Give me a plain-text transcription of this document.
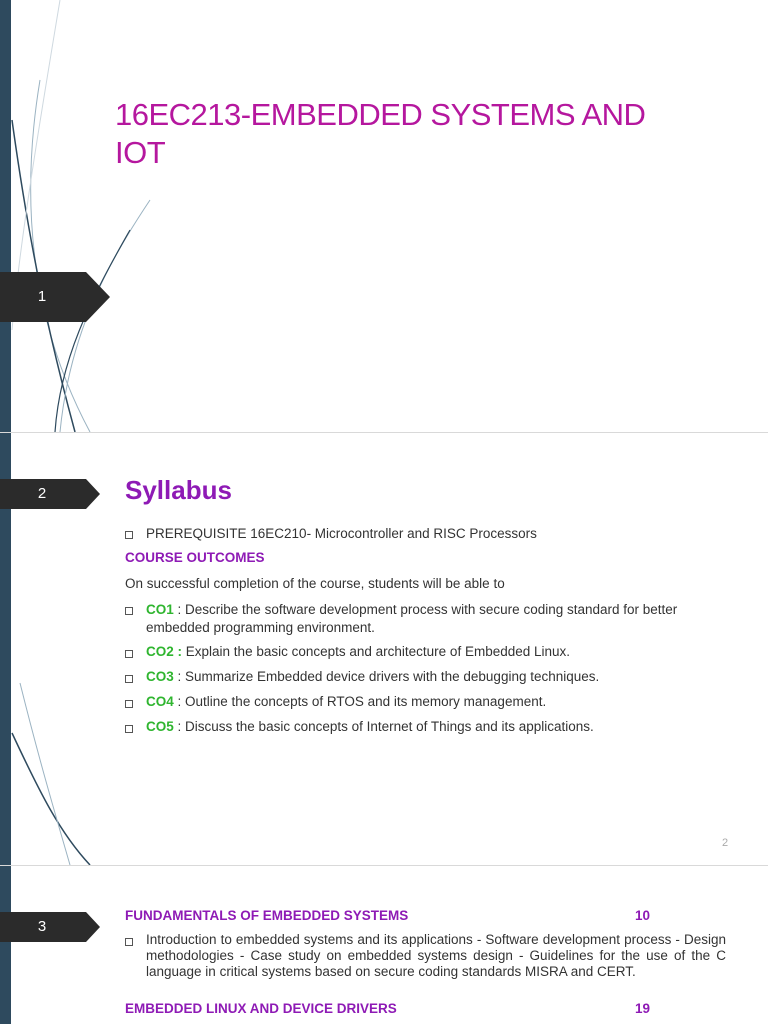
1
16EC213-EMBEDDED SYSTEMS AND IOT
2	Syllabus
PREREQUISITE 16EC210- Microcontroller and RISC Processors
COURSE OUTCOMES
On successful completion of the course, students will be able to
CO1 : Describe the software development process with secure coding standard for better embedded programming environment.
CO2 : Explain the basic concepts and architecture of Embedded Linux.
CO3 : Summarize Embedded device drivers with the debugging techniques.
CO4 : Outline the concepts of RTOS and its memory management.
CO5 : Discuss the basic concepts of Internet of Things and its applications.
2
3
FUNDAMENTALS OF EMBEDDED SYSTEMS	10
Introduction to embedded systems and its applications - Software development process - Design methodologies - Case study on embedded systems design - Guidelines for the use of the C language in critical systems based on secure coding standards MISRA and CERT.
EMBEDDED LINUX AND DEVICE DRIVERS	19
